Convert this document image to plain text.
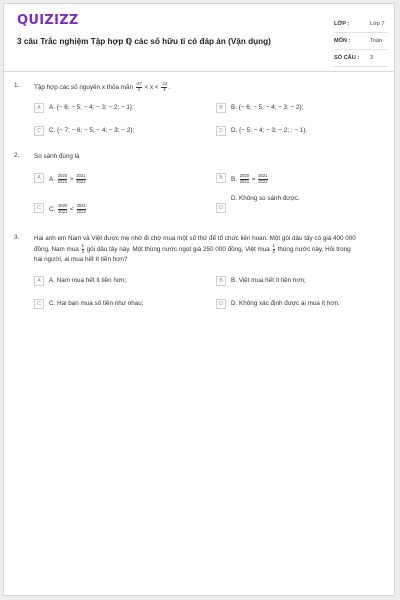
QUIZIZZ
3 câu Trắc nghiệm Tập hợp ℚ các số hữu tỉ có đáp án (Vận dụng)
LỚP :	Lớp 7
MÔN :	Toán
SỐ CÂU : 3
1. Tập hợp các số nguyên x thỏa mãn $\frac{-27}{4} < x < \frac{-13}{4}$ .
A	A. {− 6; − 5; − 4; − 3; − 2; − 1};	B	B. {− 6; − 5; − 4; − 3; − 2};
C	C. {− 7; − 6; − 5; − 4; − 3; − 2};	D	D. {− 5; − 4; − 3; − 2; ; − 1}.
2. So sánh đúng là
A	A. $\frac{2020}{2021} > \frac{2021}{2022}$	B	B. $\frac{2020}{2021} = \frac{2021}{2022}$
D. Không so sánh được.
C	C. $\frac{2020}{2021} < \frac{2021}{2022}$	D
3. Hai anh em Nam và Việt được mẹ nhờ đi chợ mua một số thứ để tổ chức liên hoan. Một gói dâu tây có giá 400 000
đồng, Nam mua $\frac{1}{3}$ gói dâu tây này. Một thùng nước ngọt giá 250 000 đồng, Việt mua $\frac{1}{2}$ thùng nước này. Hỏi trong
hai người, ai mua hết ít tiền hơn?
A	A. Nam mua hết ít tiền hơn;	B	B. Việt mua hết ít tiền hơn;
C	C. Hai bạn mua số tiền như nhau;	D	D. Không xác định được ai mua ít hơn.
